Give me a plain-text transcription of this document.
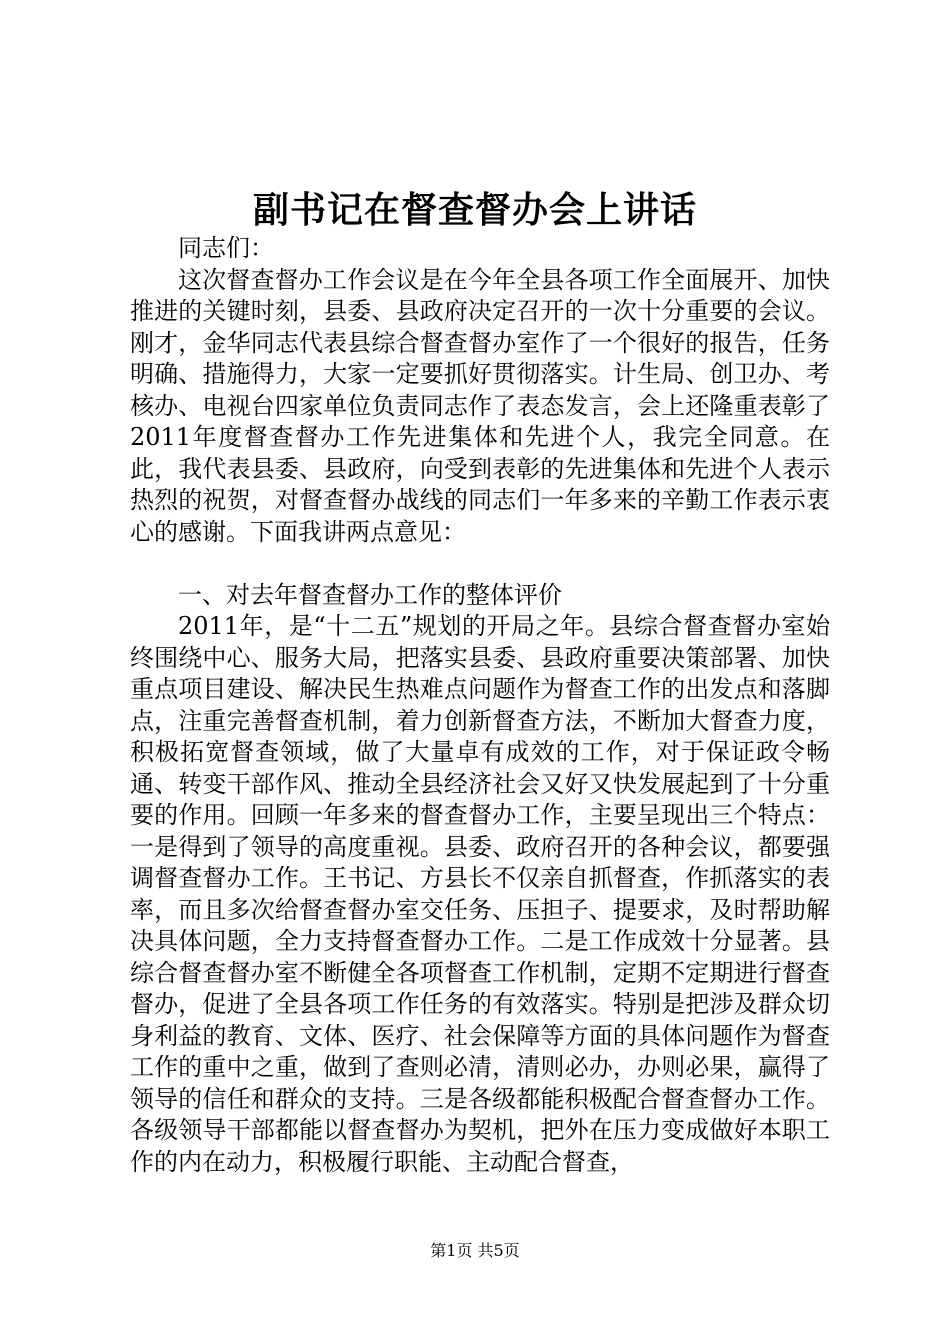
副书记在督查督办会上讲话

同志们：

这次督查督办工作会议是在今年全县各项工作全面展开、加快推进的关键时刻，县委、县政府决定召开的一次十分重要的会议。刚才，金华同志代表县综合督查督办室作了一个很好的报告，任务明确、措施得力，大家一定要抓好贯彻落实。计生局、创卫办、考核办、电视台四家单位负责同志作了表态发言，会上还隆重表彰了2011年度督查督办工作先进集体和先进个人，我完全同意。在此，我代表县委、县政府，向受到表彰的先进集体和先进个人表示热烈的祝贺，对督查督办战线的同志们一年多来的辛勤工作表示衷心的感谢。下面我讲两点意见：

一、对去年督查督办工作的整体评价

2011年，是“十二五”规划的开局之年。县综合督查督办室始终围绕中心、服务大局，把落实县委、县政府重要决策部署、加快重点项目建设、解决民生热难点问题作为督查工作的出发点和落脚点，注重完善督查机制，着力创新督查方法，不断加大督查力度，积极拓宽督查领域，做了大量卓有成效的工作，对于保证政令畅通、转变干部作风、推动全县经济社会又好又快发展起到了十分重要的作用。回顾一年多来的督查督办工作，主要呈现出三个特点：一是得到了领导的高度重视。县委、政府召开的各种会议，都要强调督查督办工作。王书记、方县长不仅亲自抓督查，作抓落实的表率，而且多次给督查督办室交任务、压担子、提要求，及时帮助解决具体问题，全力支持督查督办工作。二是工作成效十分显著。县综合督查督办室不断健全各项督查工作机制，定期不定期进行督查督办，促进了全县各项工作任务的有效落实。特别是把涉及群众切身利益的教育、文体、医疗、社会保障等方面的具体问题作为督查工作的重中之重，做到了查则必清，清则必办，办则必果，赢得了领导的信任和群众的支持。三是各级都能积极配合督查督办工作。各级领导干部都能以督查督办为契机，把外在压力变成做好本职工作的内在动力，积极履行职能、主动配合督查，

第1页 共5页
